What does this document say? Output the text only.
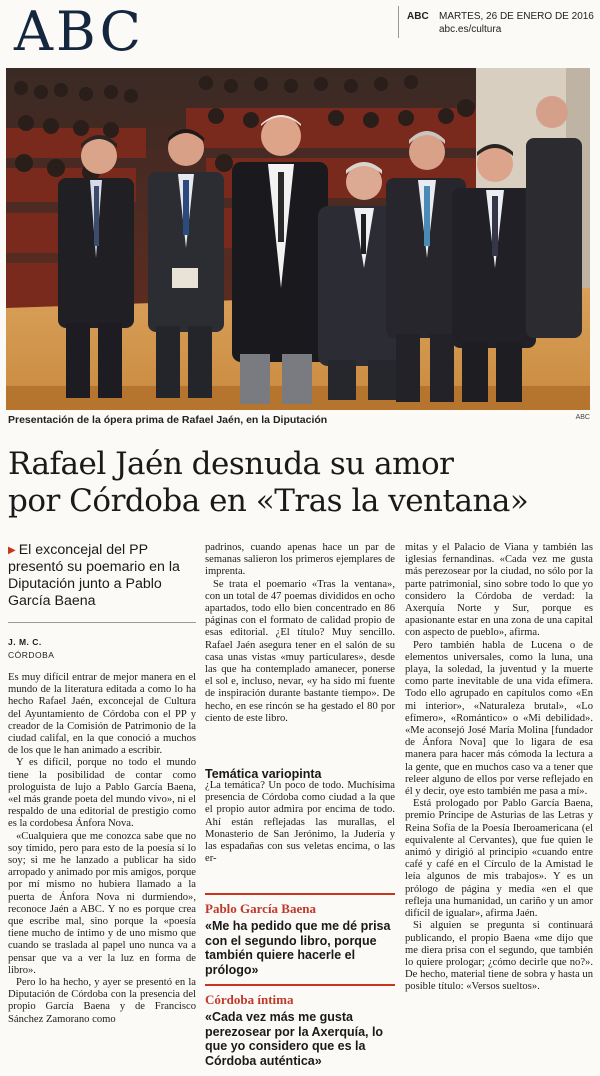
ABC	ABC MARTES, 26 DE ENERO DE 2016
abc.es/cultura
Presentación de la ópera prima de Rafael Jaén, en la Diputación	ABC
Rafael Jaén desnuda su amor
por Córdoba en «Tras la ventana»
▶ El exconcejal del PP presentó su poemario en la Diputación junto a Pablo García Baena
J. M. C.
CÓRDOBA

Es muy difícil entrar de mejor manera en el mundo de la literatura editada a como lo ha hecho Rafael Jaén, exconcejal de Cultura del Ayuntamiento de Córdoba con el PP y creador de la Comisión de Patrimonio de la ciudad califal, en la que conoció a muchos de los que le han animado a escribir.

Y es difícil, porque no todo el mundo tiene la posibilidad de contar como prologuista de lujo a Pablo García Baena, «el más grande poeta del mundo vivo», ni el respaldo de una editorial de prestigio como es la cordobesa Ánfora Nova.

«Cualquiera que me conozca sabe que no soy tímido, pero para esto de la poesía sí lo soy; si me he lanzado a publicar ha sido arropado y animado por mis amigos, porque por mí mismo no hubiera llamado a la puerta de Ánfora Nova ni durmiendo», reconoce Jaén a ABC. Y no es porque crea que escribe mal, sino porque la «poesía tiene mucho de íntimo y de uno mismo que cuando se traslada al papel uno nunca va a pensar que va a ver la luz en forma de libro».

Pero lo ha hecho, y ayer se presentó en la Diputación de Córdoba con la presencia del propio García Baena y de Francisco Sánchez Zamorano como

padrinos, cuando apenas hace un par de semanas salieron los primeros ejemplares de imprenta.

Se trata el poemario «Tras la ventana», con un total de 47 poemas divididos en ocho apartados, todo ello bien concentrado en 86 páginas con el formato de calidad propio de esas editorial. ¿El título? Muy sencillo. Rafael Jaén asegura tener en el salón de su casa unas vistas «muy particulares», desde las que ha contemplado amanecer, ponerse el sol e, incluso, nevar, «y ha sido mi fuente de inspiración durante bastante tiempo». De hecho, en ese rincón se ha gestado el 80 por ciento de este libro.

Temática variopinta

¿La temática? Un poco de todo. Muchísima presencia de Córdoba como ciudad a la que el propio autor admira por encima de todo. Ahí están reflejadas las murallas, el Monasterio de San Jerónimo, la Judería y las espadañas con sus veletas encima, o las er-

Pablo García Baena
«Me ha pedido que me dé prisa con el segundo libro, porque también quiere hacerle el prólogo»
Córdoba íntima
«Cada vez más me gusta perezosear por la Axerquía, lo que yo considero que es la Córdoba auténtica»

mitas y el Palacio de Viana y también las iglesias fernandinas. «Cada vez me gusta más perezosear por la ciudad, no sólo por la parte patrimonial, sino sobre todo lo que yo considero la Córdoba de verdad: la Axerquía Norte y Sur, porque es apasionante estar en una zona de una capital con aspecto de pueblo», afirma.

Pero también habla de Lucena o de elementos universales, como la luna, una playa, la soledad, la juventud y la muerte como parte inevitable de una vida efímera. Todo ello agrupado en capítulos como «En mi interior», «Naturaleza brutal», «Lo efímero», «Romántico» o «Mi debilidad». «Me aconsejó José María Molina [fundador de Ánfora Nova] que lo ligara de esa manera para hacer más cómoda la lectura a la gente, que en muchos caso va a tener que releer alguno de ellos por verse reflejado en él y decir, oye esto también me pasa a mí».

Está prologado por Pablo García Baena, premio Príncipe de Asturias de las Letras y Reina Sofía de la Poesía Iberoamericana (el equivalente al Cervantes), que fue quien le animó y dirigió al principio «cuando entre café y café en el Círculo de la Amistad le leía algunos de mis trabajos». Y es un prólogo de página y media «en el que refleja una humanidad, un cariño y un amor difícil de igualar», afirma Jaén.

Si alguien se pregunta si continuará publicando, el propio Baena «me dijo que me diera prisa con el segundo, que también lo quiere prologar; ¿cómo decirle que no?». De hecho, material tiene de sobra y hasta un posible título: «Versos sueltos».
